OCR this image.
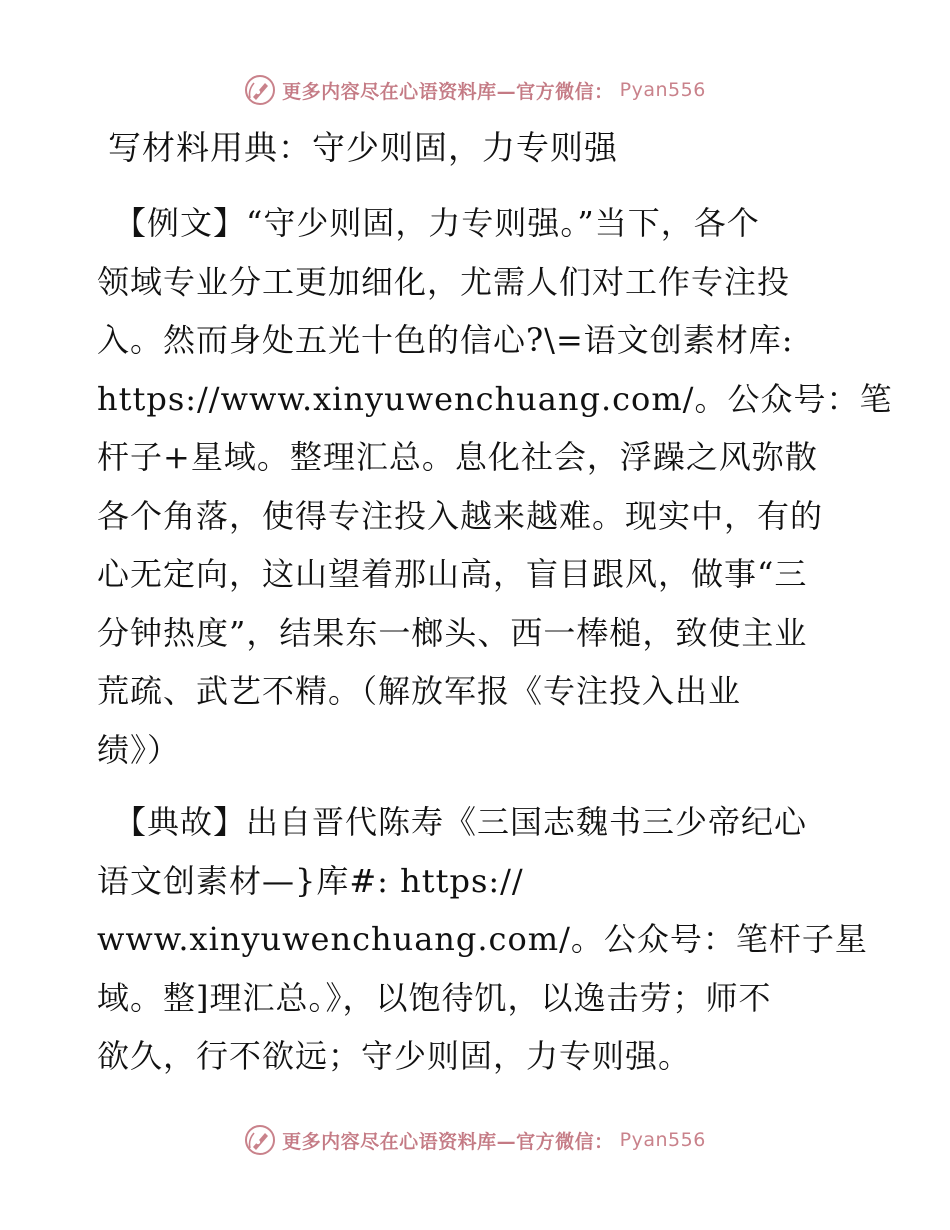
更多内容尽在心语资料库—官方微信： Pyan556
写材料用典：守少则固，力专则强
【例文】“守少则固，力专则强。”当下，各个
领域专业分工更加细化，尤需人们对工作专注投
入。然而身处五光十色的信心?\=语文创素材库:
https://www.xinyuwenchuang.com/。公众号：笔
杆子+星域。整理汇总。息化社会，浮躁之风弥散
各个角落，使得专注投入越来越难。现实中，有的
心无定向，这山望着那山高，盲目跟风，做事“三
分钟热度”，结果东一榔头、西一棒槌，致使主业
荒疏、武艺不精。（解放军报《专注投入出业
绩》）
【典故】出自晋代陈寿《三国志魏书三少帝纪心
语文创素材—}库#: https://
www.xinyuwenchuang.com/。公众号：笔杆子星
域。整]理汇总。》，以饱待饥，以逸击劳；师不
欲久，行不欲远；守少则固，力专则强。
更多内容尽在心语资料库—官方微信： Pyan556
